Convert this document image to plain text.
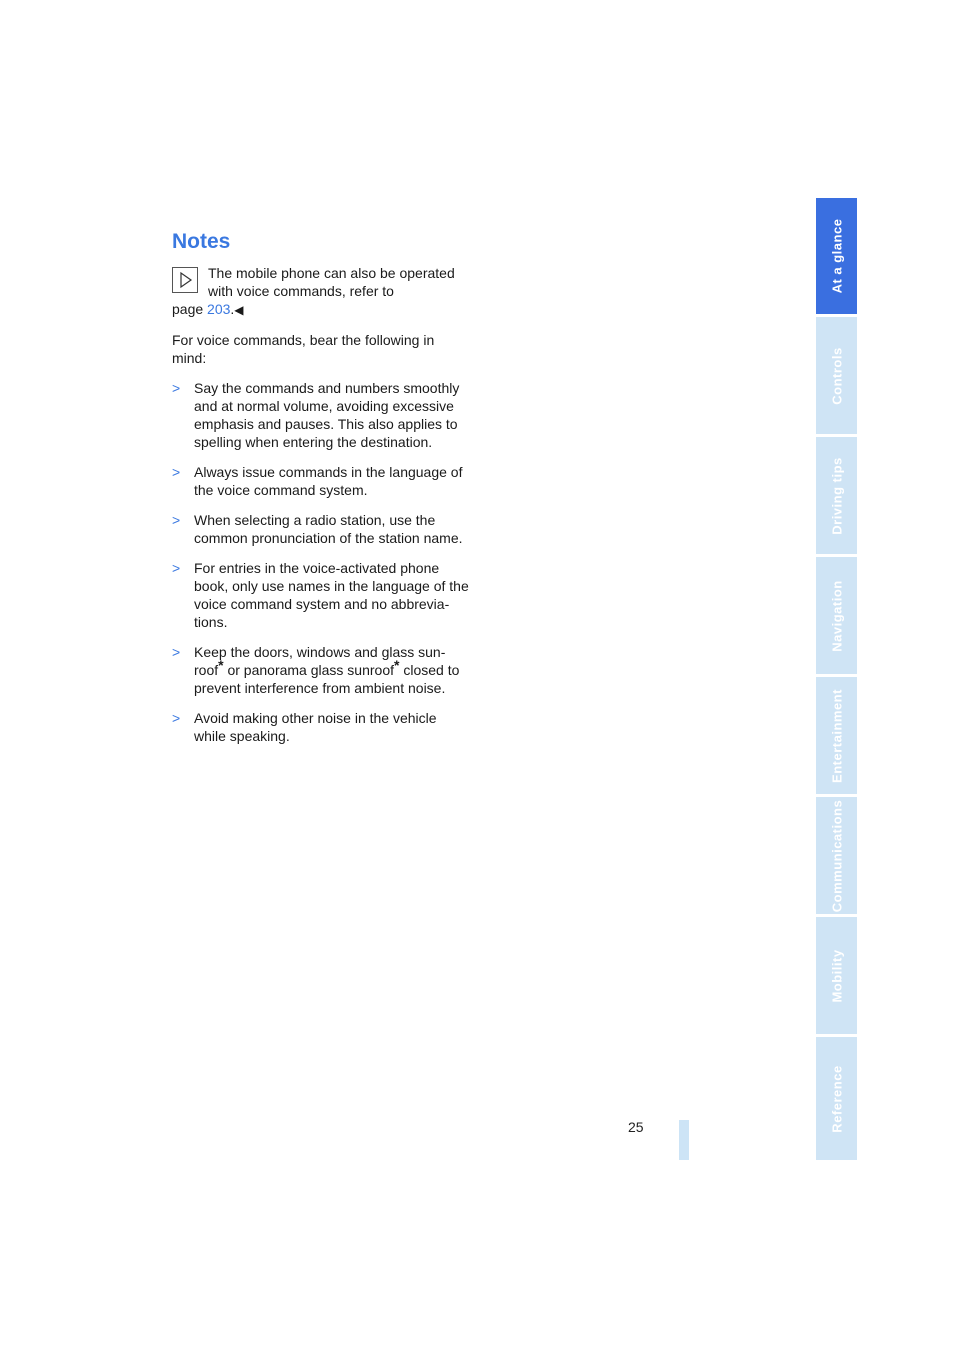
Notes
The mobile phone can also be operated
with voice commands, refer to
page 203.◀

For voice commands, bear the following in mind:

> Say the commands and numbers smoothly and at normal volume, avoiding excessive emphasis and pauses. This also applies to spelling when entering the destination.
> Always issue commands in the language of the voice command system.
> When selecting a radio station, use the common pronunciation of the station name.
> For entries in the voice-activated phone book, only use names in the language of the voice command system and no abbrevia-tions.
> Keep the doors, windows and glass sun-roof* or panorama glass sunroof* closed to prevent interference from ambient noise.
> Avoid making other noise in the vehicle while speaking.
25
At a glance
Controls
Driving tips
Navigation
Entertainment
Communications
Mobility
Reference
